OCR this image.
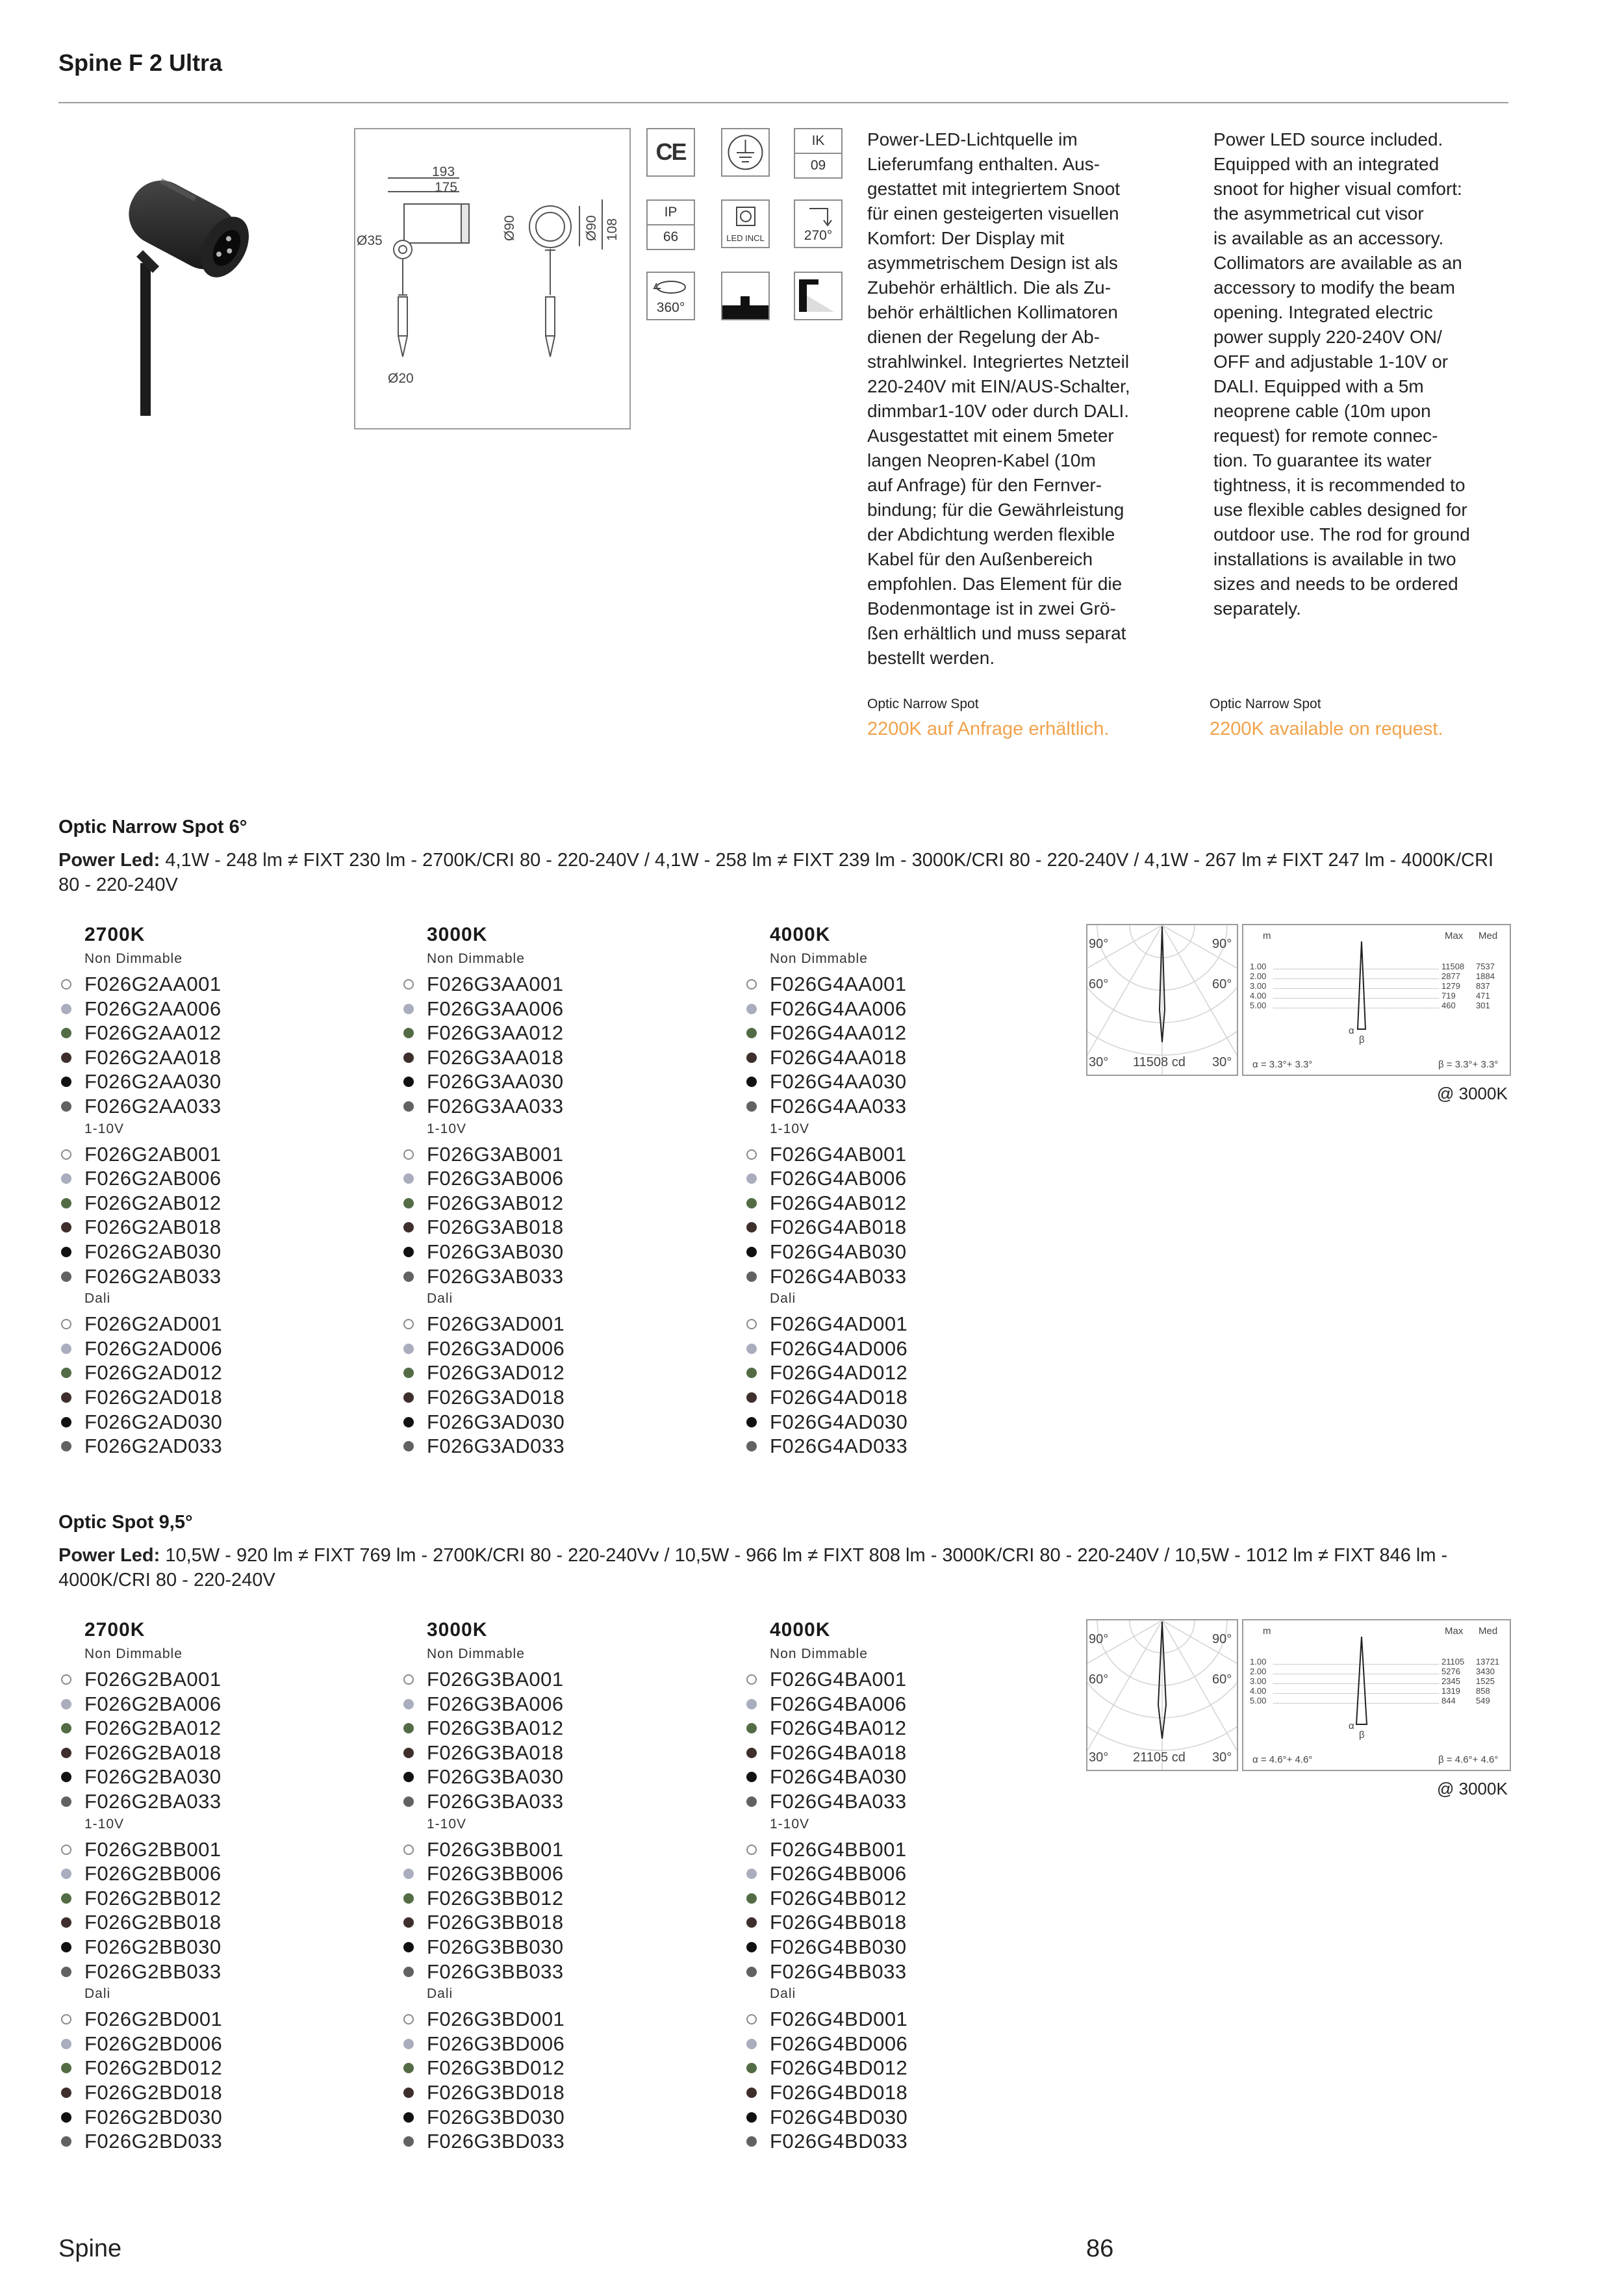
Spine F 2 Ultra
193
175
Ø35	Ø90	Ø90 108
Ø20
CE	IK
09
IP
66	LED INCL	270°
360°
Power-LED-Lichtquelle im
Lieferumfang enthalten. Aus-
gestattet mit integriertem Snoot
für einen gesteigerten visuellen
Komfort: Der Display mit
asymmetrischem Design ist als
Zubehör erhältlich. Die als Zu-
behör erhältlichen Kollimatoren
dienen der Regelung der Ab-
strahlwinkel. Integriertes Netzteil
220-240V mit EIN/AUS-Schalter,
dimmbar1-10V oder durch DALI.
Ausgestattet mit einem 5meter
langen Neopren-Kabel (10m
auf Anfrage) für den Fernver-
bindung; für die Gewährleistung
der Abdichtung werden flexible
Kabel für den Außenbereich
empfohlen. Das Element für die
Bodenmontage ist in zwei Grö-
ßen erhältlich und muss separat
bestellt werden.
Power LED source included.
Equipped with an integrated
snoot for higher visual comfort:
the asymmetrical cut visor
is available as an accessory.
Collimators are available as an
accessory to modify the beam
opening. Integrated electric
power supply 220-240V ON/
OFF and adjustable 1-10V or
DALI. Equipped with a 5m
neoprene cable (10m upon
request) for remote connec-
tion. To guarantee its water
tightness, it is recommended to
use flexible cables designed for
outdoor use. The rod for ground
installations is available in two
sizes and needs to be ordered
separately.
Optic Narrow Spot	Optic Narrow Spot
2200K auf Anfrage erhältlich.	2200K available on request.
Optic Narrow Spot 6°
Power Led: 4,1W - 248 lm ≠ FIXT 230 lm - 2700K/CRI 80 - 220-240V / 4,1W - 258 lm ≠ FIXT 239 lm - 3000K/CRI 80 - 220-240V / 4,1W - 267 lm ≠ FIXT 247 lm - 4000K/CRI 80 - 220-240V
2700K
Non Dimmable
F026G2AA001
F026G2AA006
F026G2AA012
F026G2AA018
F026G2AA030
F026G2AA033
1-10V
F026G2AB001
F026G2AB006
F026G2AB012
F026G2AB018
F026G2AB030
F026G2AB033
Dali
F026G2AD001
F026G2AD006
F026G2AD012
F026G2AD018
F026G2AD030
F026G2AD033
3000K
Non Dimmable
F026G3AA001
F026G3AA006
F026G3AA012
F026G3AA018
F026G3AA030
F026G3AA033
1-10V
F026G3AB001
F026G3AB006
F026G3AB012
F026G3AB018
F026G3AB030
F026G3AB033
Dali
F026G3AD001
F026G3AD006
F026G3AD012
F026G3AD018
F026G3AD030
F026G3AD033
4000K
Non Dimmable
F026G4AA001
F026G4AA006
F026G4AA012
F026G4AA018
F026G4AA030
F026G4AA033
1-10V
F026G4AB001
F026G4AB006
F026G4AB012
F026G4AB018
F026G4AB030
F026G4AB033
Dali
F026G4AD001
F026G4AD006
F026G4AD012
F026G4AD018
F026G4AD030
F026G4AD033
90°	90°
60°	60°
30°	30°
11508 cd
m	Max Med
1.00	11508 7537
2.00	2877 1884
3.00	1279 837
4.00	719 471
5.00	460 301
α
β
α = 3.3°+ 3.3°	β = 3.3°+ 3.3°
@ 3000K
Optic Spot 9,5°
Power Led: 10,5W - 920 lm ≠ FIXT 769 lm - 2700K/CRI 80 - 220-240Vv / 10,5W - 966 lm ≠ FIXT 808 lm - 3000K/CRI 80 - 220-240V / 10,5W - 1012 lm ≠ FIXT 846 lm - 4000K/CRI 80 - 220-240V
2700K
Non Dimmable
F026G2BA001
F026G2BA006
F026G2BA012
F026G2BA018
F026G2BA030
F026G2BA033
1-10V
F026G2BB001
F026G2BB006
F026G2BB012
F026G2BB018
F026G2BB030
F026G2BB033
Dali
F026G2BD001
F026G2BD006
F026G2BD012
F026G2BD018
F026G2BD030
F026G2BD033
3000K
Non Dimmable
F026G3BA001
F026G3BA006
F026G3BA012
F026G3BA018
F026G3BA030
F026G3BA033
1-10V
F026G3BB001
F026G3BB006
F026G3BB012
F026G3BB018
F026G3BB030
F026G3BB033
Dali
F026G3BD001
F026G3BD006
F026G3BD012
F026G3BD018
F026G3BD030
F026G3BD033
4000K
Non Dimmable
F026G4BA001
F026G4BA006
F026G4BA012
F026G4BA018
F026G4BA030
F026G4BA033
1-10V
F026G4BB001
F026G4BB006
F026G4BB012
F026G4BB018
F026G4BB030
F026G4BB033
Dali
F026G4BD001
F026G4BD006
F026G4BD012
F026G4BD018
F026G4BD030
F026G4BD033
90°	90°
60°	60°
30°	30°
21105 cd
m	Max Med
1.00	21105 13721
2.00	5276 3430
3.00	2345 1525
4.00	1319 858
5.00	844 549
α
β
α = 4.6°+ 4.6°	β = 4.6°+ 4.6°
@ 3000K
Spine	86
